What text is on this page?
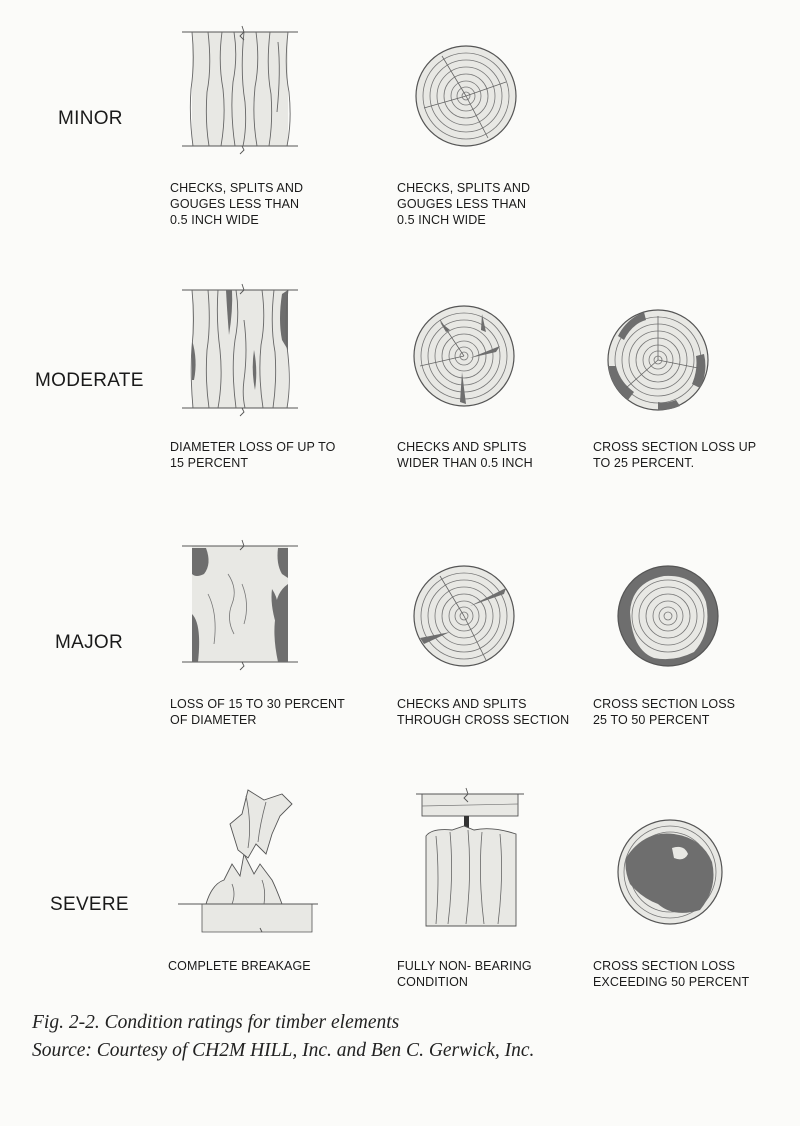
MINOR
MODERATE
MAJOR
SEVERE
CHECKS, SPLITS AND
GOUGES LESS THAN
0.5 INCH WIDE
CHECKS, SPLITS AND
GOUGES LESS THAN
0.5 INCH WIDE
DIAMETER LOSS OF UP TO
15 PERCENT
CHECKS AND SPLITS
WIDER THAN 0.5 INCH
CROSS SECTION LOSS UP
TO 25 PERCENT.
LOSS OF 15 TO 30 PERCENT
OF DIAMETER
CHECKS AND SPLITS
THROUGH CROSS SECTION
CROSS SECTION LOSS
25 TO 50 PERCENT
COMPLETE BREAKAGE	FULLY NON- BEARING
CONDITION
CROSS SECTION LOSS
EXCEEDING 50 PERCENT
Fig. 2-2. Condition ratings for timber elements
Source: Courtesy of CH2M HILL, Inc. and Ben C. Gerwick, Inc.
